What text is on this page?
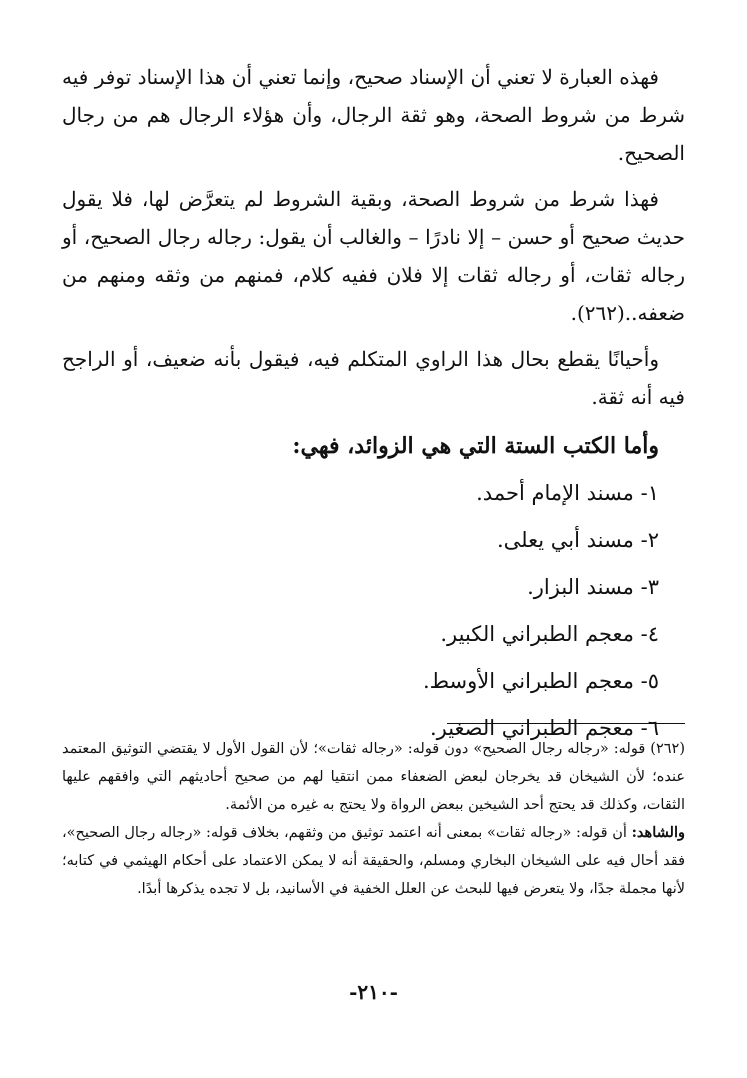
فهذه العبارة لا تعني أن الإسناد صحيح، وإنما تعني أن هذا الإسناد توفر فيه شرط من شروط الصحة، وهو ثقة الرجال، وأن هؤلاء الرجال هم من رجال الصحيح.

فهذا شرط من شروط الصحة، وبقية الشروط لم يتعرَّض لها، فلا يقول حديث صحيح أو حسن – إلا نادرًا – والغالب أن يقول: رجاله رجال الصحيح، أو رجاله ثقات، أو رجاله ثقات إلا فلان ففيه كلام، فمنهم من وثقه ومنهم من ضعفه..(٢٦٢).

وأحيانًا يقطع بحال هذا الراوي المتكلم فيه، فيقول بأنه ضعيف، أو الراجح فيه أنه ثقة.

وأما الكتب الستة التي هي الزوائد، فهي:
١- مسند الإمام أحمد.
٢- مسند أبي يعلى.
٣- مسند البزار.
٤- معجم الطبراني الكبير.
٥- معجم الطبراني الأوسط.
٦- معجم الطبراني الصغير.

(٢٦٢) قوله: «رجاله رجال الصحيح» دون قوله: «رجاله ثقات»؛ لأن القول الأول لا يقتضي التوثيق المعتمد عنده؛ لأن الشيخان قد يخرجان لبعض الضعفاء ممن انتقيا لهم من صحيح أحاديثهم التي وافقهم عليها الثقات، وكذلك قد يحتج أحد الشيخين ببعض الرواة ولا يحتج به غيره من الأئمة.

والشاهد: أن قوله: «رجاله ثقات» بمعنى أنه اعتمد توثيق من وثقهم، بخلاف قوله: «رجاله رجال الصحيح»، فقد أحال فيه على الشيخان البخاري ومسلم، والحقيقة أنه لا يمكن الاعتماد على أحكام الهيثمي في كتابه؛ لأنها مجملة جدًا، ولا يتعرض فيها للبحث عن العلل الخفية في الأسانيد، بل لا تجده يذكرها أبدًا.

-٢١٠-
